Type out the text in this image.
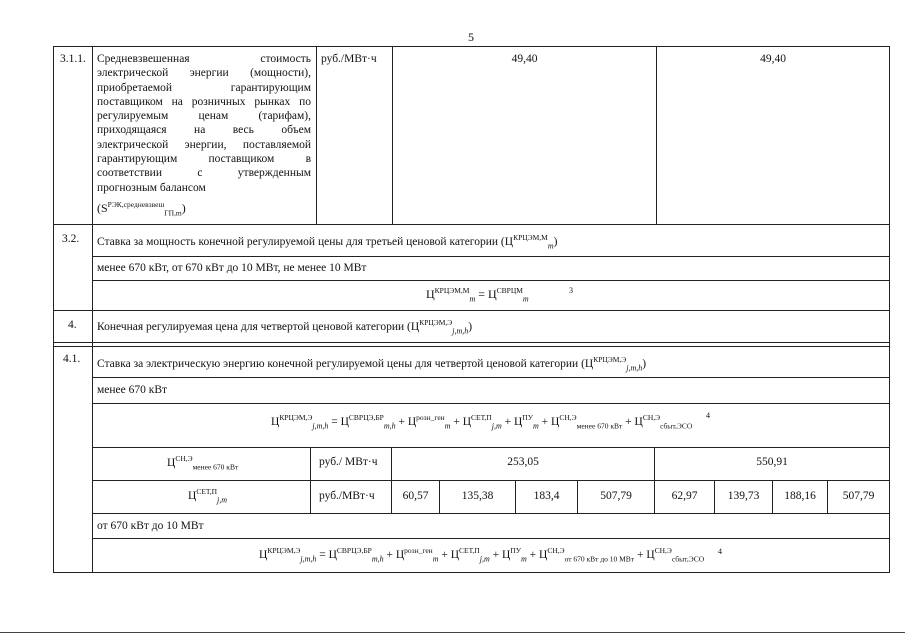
5
3.1.1. Средневзвешенная стоимость
электрической энергии (мощности),
приобретаемой гарантирующим
поставщиком на розничных рынках по
регулируемым ценам (тарифам),
приходящаяся на весь объем
электрической энергии, поставляемой
гарантирующим поставщиком в
соответствии с утвержденным
прогнозным балансом
$(S^{РЭК,средневзвеш}_{ГП,m})$
руб./МВт·ч	49,40	49,40
3.2. Ставка за мощность конечной регулируемой цены для третьей ценовой категории $(Ц^{КРЦЭМ,М}_m)$
менее 670 кВт, от 670 кВт до 10 МВт, не менее 10 МВт
$Ц^{КРЦЭМ,М}_m = Ц^{СВРЦМ}_m$
3
4. Конечная регулируемая цена для четвертой ценовой категории $(Ц^{КРЦЭМ,Э}_{j,m,h})$
4.1. Ставка за электрическую энергию конечной регулируемой цены для четвертой ценовой категории $(Ц^{КРЦЭМ,Э}_{j,m,h})$
менее 670 кВт
$Ц^{КРЦЭМ,Э}_{j,m,h} = Ц^{СВРЦЭ,БР}_{m,h} + Ц^{розн\_ген}_m + Ц^{СЕТ,П}_{j,m} + Ц^{ПУ}_m + Ц^{СН,Э}_{менее 670 кВт} + Ц^{СН,Э}_{сбыт,ЭСО}$
4
$Ц^{СН,Э}_{менее 670 кВт}$	руб./ МВт·ч	253,05	550,91
$Ц^{СЕТ,П}_{j,m}$	руб./МВт·ч	60,57	135,38	183,4	507,79	62,97	139,73	188,16	507,79
от 670 кВт до 10 МВт
$Ц^{КРЦЭМ,Э}_{j,m,h} = Ц^{СВРЦЭ,БР}_{m,h} + Ц^{розн\_ген}_m + Ц^{СЕТ,П}_{j,m} + Ц^{ПУ}_m + Ц^{СН,Э}_{от 670 кВт до 10 МВт} + Ц^{СН,Э}_{сбыт,ЭСО}$
4
